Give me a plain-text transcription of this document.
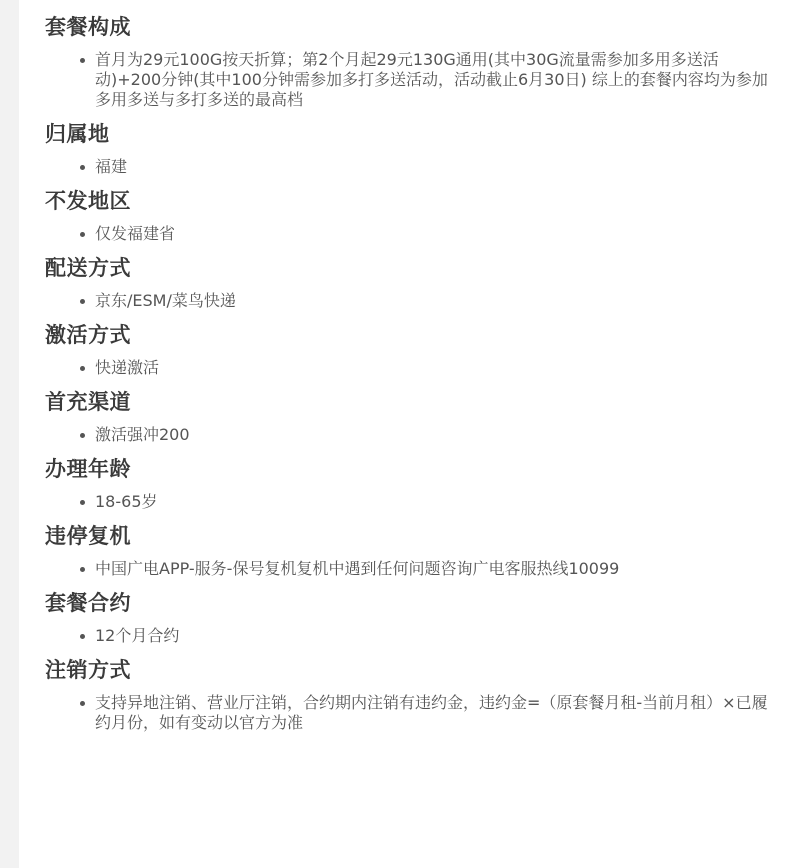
套餐构成
首月为29元100G按天折算；第2个月起29元130G通用(其中30G流量需参加多用多送活动)+200分钟(其中100分钟需参加多打多送活动，活动截止6月30日) 综上的套餐内容均为参加多用多送与多打多送的最高档
归属地
福建
不发地区
仅发福建省
配送方式
京东/ESM/菜鸟快递
激活方式
快递激活
首充渠道
激活强冲200
办理年龄
18-65岁
违停复机
中国广电APP-服务-保号复机复机中遇到任何问题咨询广电客服热线10099
套餐合约
12个月合约
注销方式
支持异地注销、营业厅注销，合约期内注销有违约金，违约金=（原套餐月租-当前月租）×已履约月份，如有变动以官方为准
